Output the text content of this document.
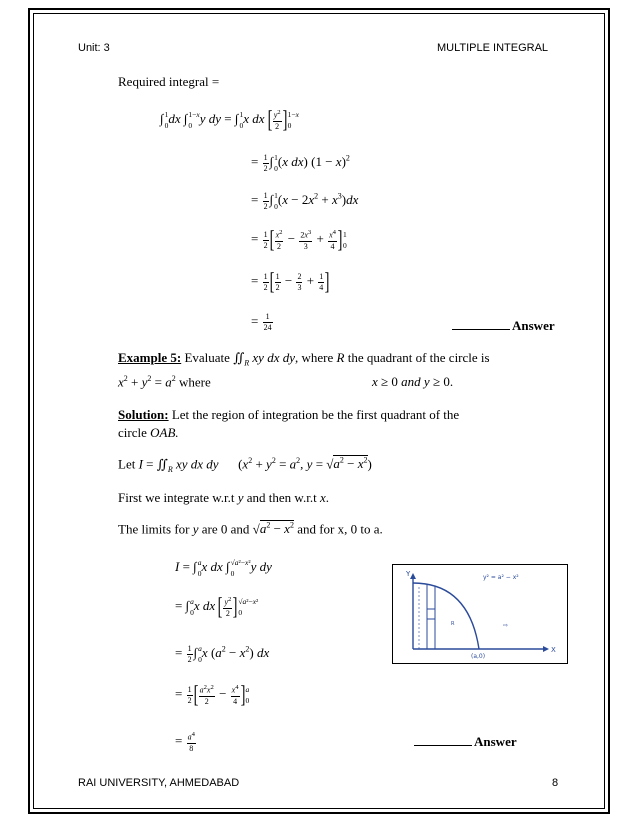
Unit: 3	MULTIPLE INTEGRAL
Required integral =
∫ 1
0 dx ∫ 1−x
0 y dy = ∫ 1
0 x dx [ $\frac{y^2}{2}$ ] 1−x
0
= $\frac{1}{2}$ ∫ 1
0 (x dx) $(1 - x)^2$
= $\frac{1}{2}$ ∫ 1
0 $(x - 2x^2 + x^3)dx$
= $\frac{1}{2}$ [ $\frac{x^2}{2} - \frac{2x^3}{3} + \frac{x^4}{4}$ ] 1
0
= $\frac{1}{2}$ [ $\frac{1}{2} - \frac{2}{3} + \frac{1}{4}$ ]
= $\frac{1}{24}$	Answer
Example 5: Evaluate $∬_R$ xy dx dy, where R the quadrant of the circle is
$x^2 + y^2 = a^2$ where	x ≥ 0 and y ≥ 0.
Solution: Let the region of integration be the first quadrant of the
circle OAB.
Let $I = ∬_R$ xy dx dy      ($x^2 + y^2 = a^2$, $y = √a^2 - x^2$)
First we integrate w.r.t y and then w.r.t x.
The limits for y are 0 and $√a^2 - x^2$ and for x, 0 to a.
I = ∫ a
0 x dx ∫ √a²−x²
0	y dy
= ∫ a
0 x dx [ $\frac{y^2}{2}$ ] √a²−x²
0
= $\frac{1}{2}$ ∫ a
0 x $(a^2 - x^2)$ dx
= $\frac{1}{2}$ [ $\frac{a^2x^2}{2} - \frac{x^4}{4}$ ] a
0
= $\frac{a^4}{8}$	Answer
y² = a² − x²
Y
X
(a,0)
⇨
R
RAI UNIVERSITY, AHMEDABAD	8
